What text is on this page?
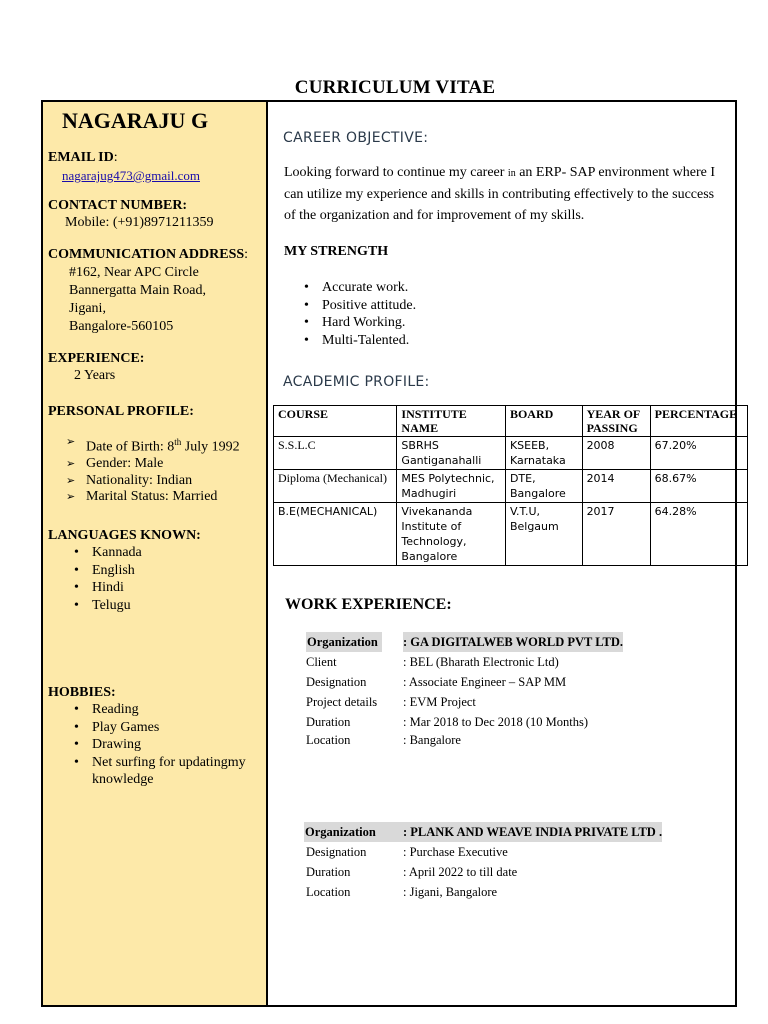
CURRICULUM VITAE
NAGARAJU G
EMAIL ID:
nagarajug473@gmail.com
CONTACT NUMBER:
Mobile: (+91)8971211359
COMMUNICATION ADDRESS:
#162, Near APC Circle
Bannergatta Main Road,
Jigani,
Bangalore-560105
EXPERIENCE:
2 Years
PERSONAL PROFILE:
➢ Date of Birth: 8th July 1992
➢ Gender: Male
➢ Nationality: Indian
➢ Marital Status: Married
LANGUAGES KNOWN:
• Kannada
• English
• Hindi
• Telugu
HOBBIES:
• Reading
• Play Games
• Drawing
• Net surfing for updatingmy knowledge
CAREER OBJECTIVE:
Looking forward to continue my career in an ERP- SAP environment where I can utilize my experience and skills in contributing effectively to the success of the organization and for improvement of my skills.
MY STRENGTH
• Accurate work.
• Positive attitude.
• Hard Working.
• Multi-Talented.
ACADEMIC PROFILE:
COURSE	INSTITUTE NAME	BOARD	YEAR OF PASSING	PERCENTAGE
S.S.L.C	SBRHS Gantiganahalli	KSEEB, Karnataka	2008	67.20%
Diploma (Mechanical)	MES Polytechnic, Madhugiri	DTE, Bangalore	2014	68.67%
B.E(MECHANICAL)	Vivekananda Institute of Technology, Bangalore	V.T.U, Belgaum	2017	64.28%
WORK EXPERIENCE:
Organization	: GA DIGITALWEB WORLD PVT LTD.
Client	: BEL (Bharath Electronic Ltd)
Designation	: Associate Engineer – SAP MM
Project details : EVM Project
Duration	: Mar 2018 to Dec 2018 (10 Months)
Location	: Bangalore
Organization	: PLANK AND WEAVE INDIA PRIVATE LTD .
Designation	: Purchase Executive
Duration	: April 2022 to till date
Location	: Jigani, Bangalore
